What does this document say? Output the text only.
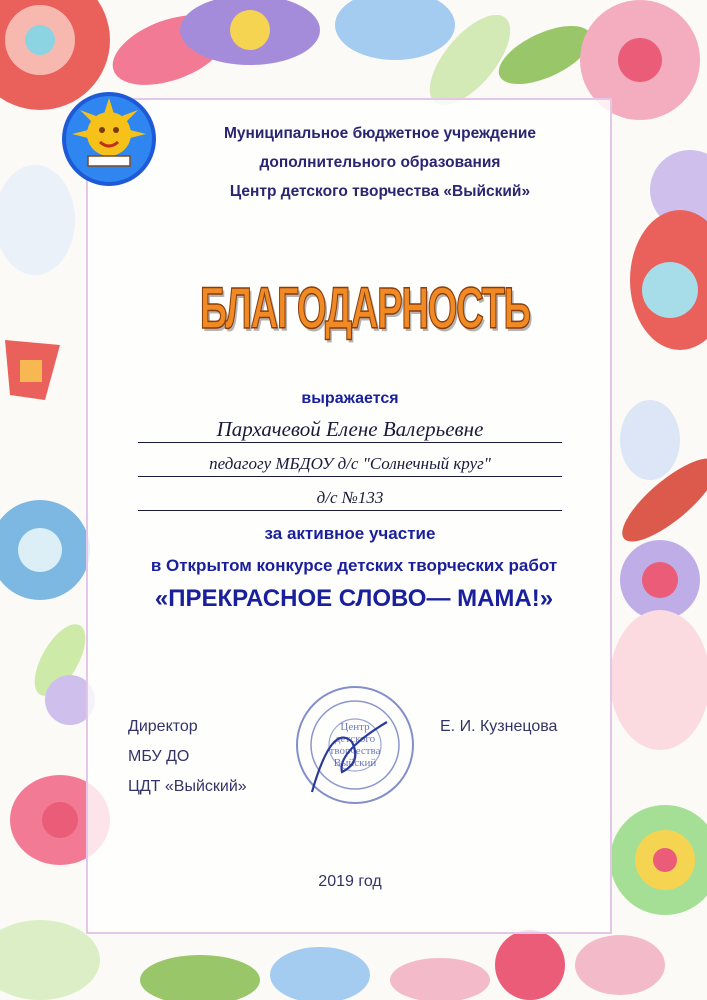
Муниципальное бюджетное учреждение
дополнительного образования
Центр детского творчества «Выйский»
БЛАГОДАРНОСТЬ
выражается
Пархачевой Елене Валерьевне
педагогу МБДОУ д/с "Солнечный круг"
д/с №133
за активное участие
в Открытом конкурсе детских творческих работ
«ПРЕКРАСНОЕ СЛОВО— МАМА!»
Директор
МБУ ДО
ЦДТ «Выйский»
Е. И. Кузнецова
Центр
детского
творчества
Выйский
2019 год
